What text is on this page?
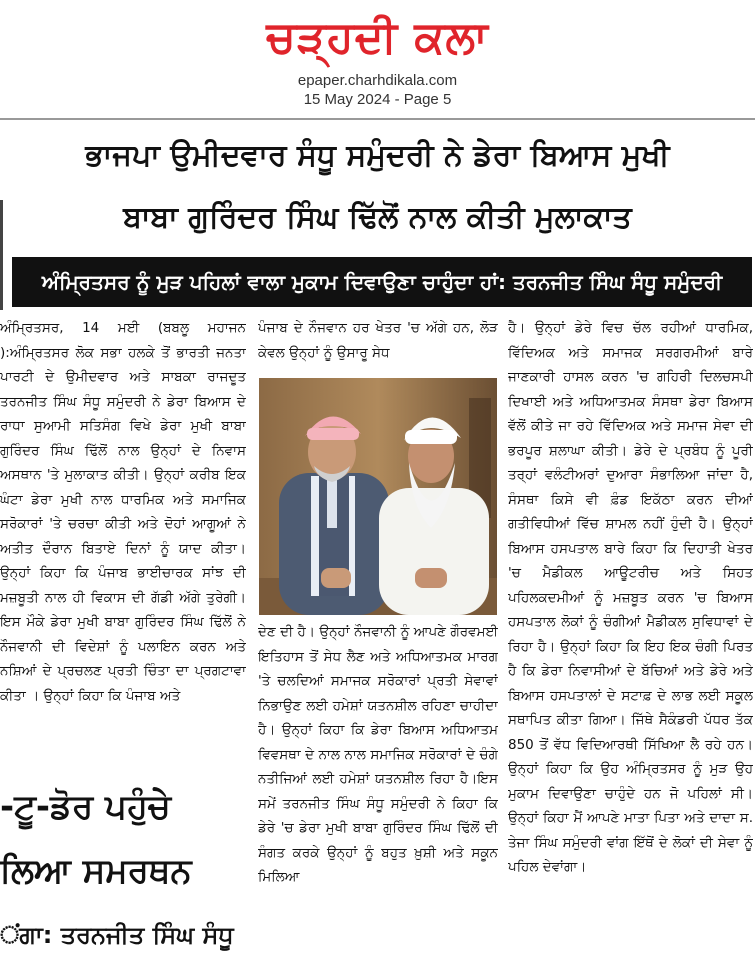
ਚੜ੍ਹਦੀ ਕਲਾ
epaper.charhdikala.com
15 May 2024 - Page 5
ਭਾਜਪਾ ਉਮੀਦਵਾਰ ਸੰਧੂ ਸਮੁੰਦਰੀ ਨੇ ਡੇਰਾ ਬਿਆਸ ਮੁਖੀ
ਬਾਬਾ ਗੁਰਿੰਦਰ ਸਿੰਘ ਢਿੱਲੋਂ ਨਾਲ ਕੀਤੀ ਮੁਲਾਕਾਤ
ਅੰਮ੍ਰਿਤਸਰ ਨੂੰ ਮੁੜ ਪਹਿਲਾਂ ਵਾਲਾ ਮੁਕਾਮ ਦਿਵਾਉਣਾ ਚਾਹੁੰਦਾ ਹਾਂ: ਤਰਨਜੀਤ ਸਿੰਘ ਸੰਧੂ ਸਮੁੰਦਰੀ
ਅੰਮ੍ਰਿਤਸਰ, 14 ਮਈ (ਬਬਲੂ ਮਹਾਜਨ ):ਅੰਮ੍ਰਿਤਸਰ ਲੋਕ ਸਭਾ ਹਲਕੇ ਤੋਂ ਭਾਰਤੀ ਜਨਤਾ ਪਾਰਟੀ ਦੇ ਉਮੀਦਵਾਰ ਅਤੇ ਸਾਬਕਾ ਰਾਜਦੂਤ ਤਰਨਜੀਤ ਸਿੰਘ ਸੰਧੂ ਸਮੁੰਦਰੀ ਨੇ ਡੇਰਾ ਬਿਆਸ ਦੇ ਰਾਧਾ ਸੁਆਮੀ ਸਤਿਸੰਗ ਵਿਖੇ ਡੇਰਾ ਮੁਖੀ ਬਾਬਾ ਗੁਰਿੰਦਰ ਸਿੰਘ ਢਿੱਲੋਂ ਨਾਲ ਉਨ੍ਹਾਂ ਦੇ ਨਿਵਾਸ ਅਸਥਾਨ 'ਤੇ ਮੁਲਾਕਾਤ ਕੀਤੀ। ਉਨ੍ਹਾਂ ਕਰੀਬ ਇਕ ਘੰਟਾ ਡੇਰਾ ਮੁਖੀ ਨਾਲ ਧਾਰਮਿਕ ਅਤੇ ਸਮਾਜਿਕ ਸਰੋਕਾਰਾਂ 'ਤੇ ਚਰਚਾ ਕੀਤੀ ਅਤੇ ਦੋਹਾਂ ਆਗੂਆਂ ਨੇ ਅਤੀਤ ਦੌਰਾਨ ਬਿਤਾਏ ਦਿਨਾਂ ਨੂੰ ਯਾਦ ਕੀਤਾ। ਉਨ੍ਹਾਂ ਕਿਹਾ ਕਿ ਪੰਜਾਬ ਭਾਈਚਾਰਕ ਸਾਂਝ ਦੀ ਮਜ਼ਬੂਤੀ ਨਾਲ ਹੀ ਵਿਕਾਸ ਦੀ ਗੱਡੀ ਅੱਗੇ ਤੁਰੇਗੀ।ਇਸ ਮੌਕੇ ਡੇਰਾ ਮੁਖੀ ਬਾਬਾ ਗੁਰਿੰਦਰ ਸਿੰਘ ਢਿੱਲੋਂ ਨੇ ਨੌਜਵਾਨੀ ਦੀ ਵਿਦੇਸ਼ਾਂ ਨੂੰ ਪਲਾਇਨ ਕਰਨ ਅਤੇ ਨਸ਼ਿਆਂ ਦੇ ਪ੍ਰਚਲਣ ਪ੍ਰਤੀ ਚਿੰਤਾ ਦਾ ਪ੍ਰਗਟਾਵਾ ਕੀਤਾ । ਉਨ੍ਹਾਂ ਕਿਹਾ ਕਿ ਪੰਜਾਬ ਅਤੇ
ਪੰਜਾਬ ਦੇ ਨੌਜਵਾਨ ਹਰ ਖੇਤਰ 'ਚ ਅੱਗੇ ਹਨ, ਲੋੜ ਕੇਵਲ ਉਨ੍ਹਾਂ ਨੂੰ ਉਸਾਰੂ ਸੇਧ
ਦੇਣ ਦੀ ਹੈ। ਉਨ੍ਹਾਂ ਨੌਜਵਾਨੀ ਨੂੰ ਆਪਣੇ ਗੌਰਵਮਈ ਇਤਿਹਾਸ ਤੋਂ ਸੇਧ ਲੈਣ ਅਤੇ ਅਧਿਆਤਮਕ ਮਾਰਗ 'ਤੇ ਚਲਦਿਆਂ ਸਮਾਜਕ ਸਰੋਕਾਰਾਂ ਪ੍ਰਤੀ ਸੇਵਾਵਾਂ ਨਿਭਾਉਣ ਲਈ ਹਮੇਸ਼ਾਂ ਯਤਨਸ਼ੀਲ ਰਹਿਣਾ ਚਾਹੀਦਾ ਹੈ। ਉਨ੍ਹਾਂ ਕਿਹਾ ਕਿ ਡੇਰਾ ਬਿਆਸ ਅਧਿਆਤਮ ਵਿਵਸਥਾ ਦੇ ਨਾਲ ਨਾਲ ਸਮਾਜਿਕ ਸਰੋਕਾਰਾਂ ਦੇ ਚੰਗੇ ਨਤੀਜਿਆਂ ਲਈ ਹਮੇਸ਼ਾਂ ਯਤਨਸ਼ੀਲ ਰਿਹਾ ਹੈ।ਇਸ ਸਮੇਂ ਤਰਨਜੀਤ ਸਿੰਘ ਸੰਧੂ ਸਮੁੰਦਰੀ ਨੇ ਕਿਹਾ ਕਿ ਡੇਰੇ 'ਚ ਡੇਰਾ ਮੁਖੀ ਬਾਬਾ ਗੁਰਿੰਦਰ ਸਿੰਘ ਢਿੱਲੋਂ ਦੀ ਸੰਗਤ ਕਰਕੇ ਉਨ੍ਹਾਂ ਨੂੰ ਬਹੁਤ ਖ਼ੁਸ਼ੀ ਅਤੇ ਸਕੂਨ ਮਿਲਿਆ
ਹੈ। ਉਨ੍ਹਾਂ ਡੇਰੇ ਵਿਚ ਚੱਲ ਰਹੀਆਂ ਧਾਰਮਿਕ, ਵਿੱਦਿਅਕ ਅਤੇ ਸਮਾਜਕ ਸਰਗਰਮੀਆਂ ਬਾਰੇ ਜਾਣਕਾਰੀ ਹਾਸਲ ਕਰਨ 'ਚ ਗਹਿਰੀ ਦਿਲਚਸਪੀ ਦਿਖਾਈ ਅਤੇ ਅਧਿਆਤਮਕ ਸੰਸਥਾ ਡੇਰਾ ਬਿਆਸ ਵੱਲੋਂ ਕੀਤੇ ਜਾ ਰਹੇ ਵਿੱਦਿਅਕ ਅਤੇ ਸਮਾਜ ਸੇਵਾ ਦੀ ਭਰਪੂਰ ਸ਼ਲਾਘਾ ਕੀਤੀ। ਡੇਰੇ ਦੇ ਪ੍ਰਬੰਧ ਨੂੰ ਪੂਰੀ ਤਰ੍ਹਾਂ ਵਲੰਟੀਅਰਾਂ ਦੁਆਰਾ ਸੰਭਾਲਿਆ ਜਾਂਦਾ ਹੈ, ਸੰਸਥਾ ਕਿਸੇ ਵੀ ਫ਼ੰਡ ਇਕੱਠਾ ਕਰਨ ਦੀਆਂ ਗਤੀਵਿਧੀਆਂ ਵਿੱਚ ਸ਼ਾਮਲ ਨਹੀਂ ਹੁੰਦੀ ਹੈ। ਉਨ੍ਹਾਂ ਬਿਆਸ ਹਸਪਤਾਲ ਬਾਰੇ ਕਿਹਾ ਕਿ ਦਿਹਾਤੀ ਖੇਤਰ 'ਚ ਮੈਡੀਕਲ ਆਊਟਰੀਚ ਅਤੇ ਸਿਹਤ ਪਹਿਲਕਦਮੀਆਂ ਨੂੰ ਮਜ਼ਬੂਤ ਕਰਨ 'ਚ ਬਿਆਸ ਹਸਪਤਾਲ ਲੋਕਾਂ ਨੂੰ ਚੰਗੀਆਂ ਮੈਡੀਕਲ ਸੁਵਿਧਾਵਾਂ ਦੇ ਰਿਹਾ ਹੈ। ਉਨ੍ਹਾਂ ਕਿਹਾ ਕਿ ਇਹ ਇਕ ਚੰਗੀ ਪਿਰਤ ਹੈ ਕਿ ਡੇਰਾ ਨਿਵਾਸੀਆਂ ਦੇ ਬੱਚਿਆਂ ਅਤੇ ਡੇਰੇ ਅਤੇ ਬਿਆਸ ਹਸਪਤਾਲਾਂ ਦੇ ਸਟਾਫ਼ ਦੇ ਲਾਭ ਲਈ ਸਕੂਲ ਸਥਾਪਿਤ ਕੀਤਾ ਗਿਆ। ਜਿੱਥੇ ਸੈਕੰਡਰੀ ਪੱਧਰ ਤੱਕ 850 ਤੋਂ ਵੱਧ ਵਿਦਿਆਰਥੀ ਸਿੱਖਿਆ ਲੈ ਰਹੇ ਹਨ। ਉਨ੍ਹਾਂ ਕਿਹਾ ਕਿ ਉਹ ਅੰਮ੍ਰਿਤਸਰ ਨੂੰ ਮੁੜ ਉਹ ਮੁਕਾਮ ਦਿਵਾਉਣਾ ਚਾਹੁੰਦੇ ਹਨ ਜੋ ਪਹਿਲਾਂ ਸੀ। ਉਨ੍ਹਾਂ ਕਿਹਾ ਮੈਂ ਆਪਣੇ ਮਾਤਾ ਪਿਤਾ ਅਤੇ ਦਾਦਾ ਸ. ਤੇਜਾ ਸਿੰਘ ਸਮੁੰਦਰੀ ਵਾਂਗ ਇੱਥੋਂ ਦੇ ਲੋਕਾਂ ਦੀ ਸੇਵਾ ਨੂੰ ਪਹਿਲ ਦੇਵਾਂਗਾ।
-ਟੂ-ਡੋਰ ਪਹੁੰਚੇ
ਲਿਆ ਸਮਰਥਨ
ਂਗਾ: ਤਰਨਜੀਤ ਸਿੰਘ ਸੰਧੂ
